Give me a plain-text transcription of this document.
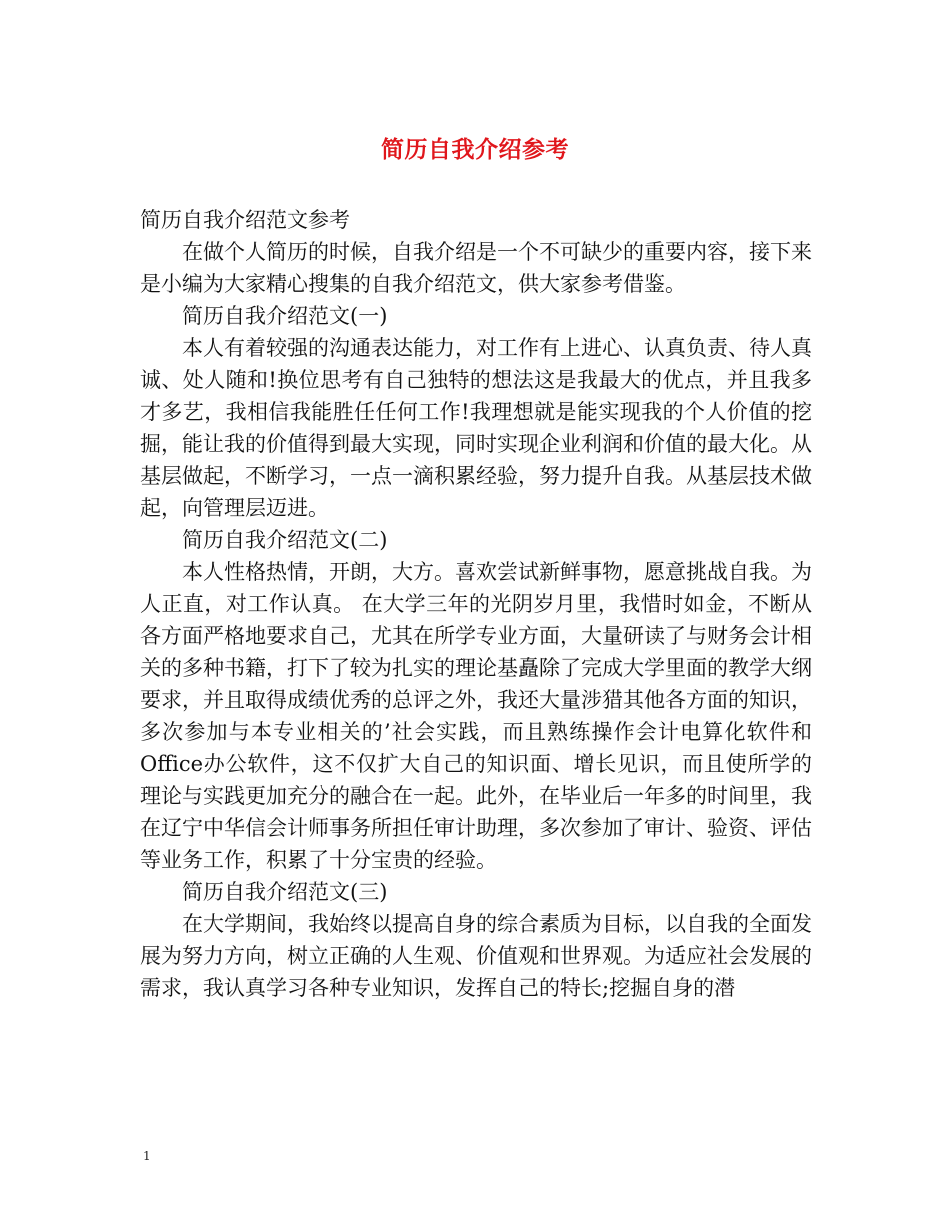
简历自我介绍参考

简历自我介绍范文参考

在做个人简历的时候，自我介绍是一个不可缺少的重要内容，接下来是小编为大家精心搜集的自我介绍范文，供大家参考借鉴。

简历自我介绍范文(一)

本人有着较强的沟通表达能力，对工作有上进心、认真负责、待人真诚、处人随和!换位思考有自己独特的想法这是我最大的优点，并且我多才多艺，我相信我能胜任任何工作!我理想就是能实现我的个人价值的挖掘，能让我的价值得到最大实现，同时实现企业利润和价值的最大化。从基层做起，不断学习，一点一滴积累经验，努力提升自我。从基层技术做起，向管理层迈进。

简历自我介绍范文(二)

本人性格热情，开朗，大方。喜欢尝试新鲜事物，愿意挑战自我。为人正直，对工作认真。 在大学三年的光阴岁月里，我惜时如金，不断从各方面严格地要求自己，尤其在所学专业方面，大量研读了与财务会计相关的多种书籍，打下了较为扎实的理论基矗除了完成大学里面的教学大纲要求，并且取得成绩优秀的总评之外，我还大量涉猎其他各方面的知识，多次参加与本专业相关的’社会实践，而且熟练操作会计电算化软件和Office办公软件，这不仅扩大自己的知识面、增长见识，而且使所学的理论与实践更加充分的融合在一起。此外，在毕业后一年多的时间里，我在辽宁中华信会计师事务所担任审计助理，多次参加了审计、验资、评估等业务工作，积累了十分宝贵的经验。

简历自我介绍范文(三)

在大学期间，我始终以提高自身的综合素质为目标，以自我的全面发展为努力方向，树立正确的人生观、价值观和世界观。为适应社会发展的需求，我认真学习各种专业知识，发挥自己的特长;挖掘自身的潜

1
